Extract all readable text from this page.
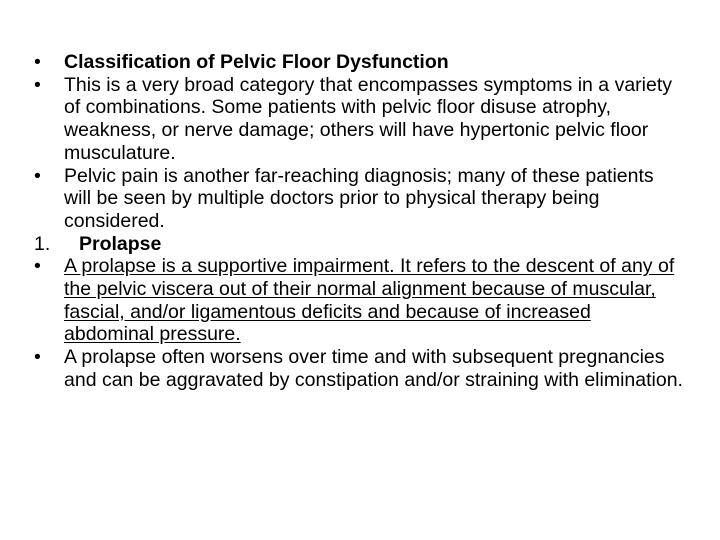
•	Classification of Pelvic Floor Dysfunction
•	This is a very broad category that encompasses symptoms in a variety of combinations. Some patients with pelvic floor disuse atrophy, weakness, or nerve damage; others will have hypertonic pelvic floor musculature.
•	Pelvic pain is another far-reaching diagnosis; many of these patients will be seen by multiple doctors prior to physical therapy being considered.
1.	Prolapse
•	A prolapse is a supportive impairment. It refers to the descent of any of the pelvic viscera out of their normal alignment because of muscular, fascial, and/or ligamentous deficits and because of increased abdominal pressure.
•	A prolapse often worsens over time and with subsequent pregnancies and can be aggravated by constipation and/or straining with elimination.
